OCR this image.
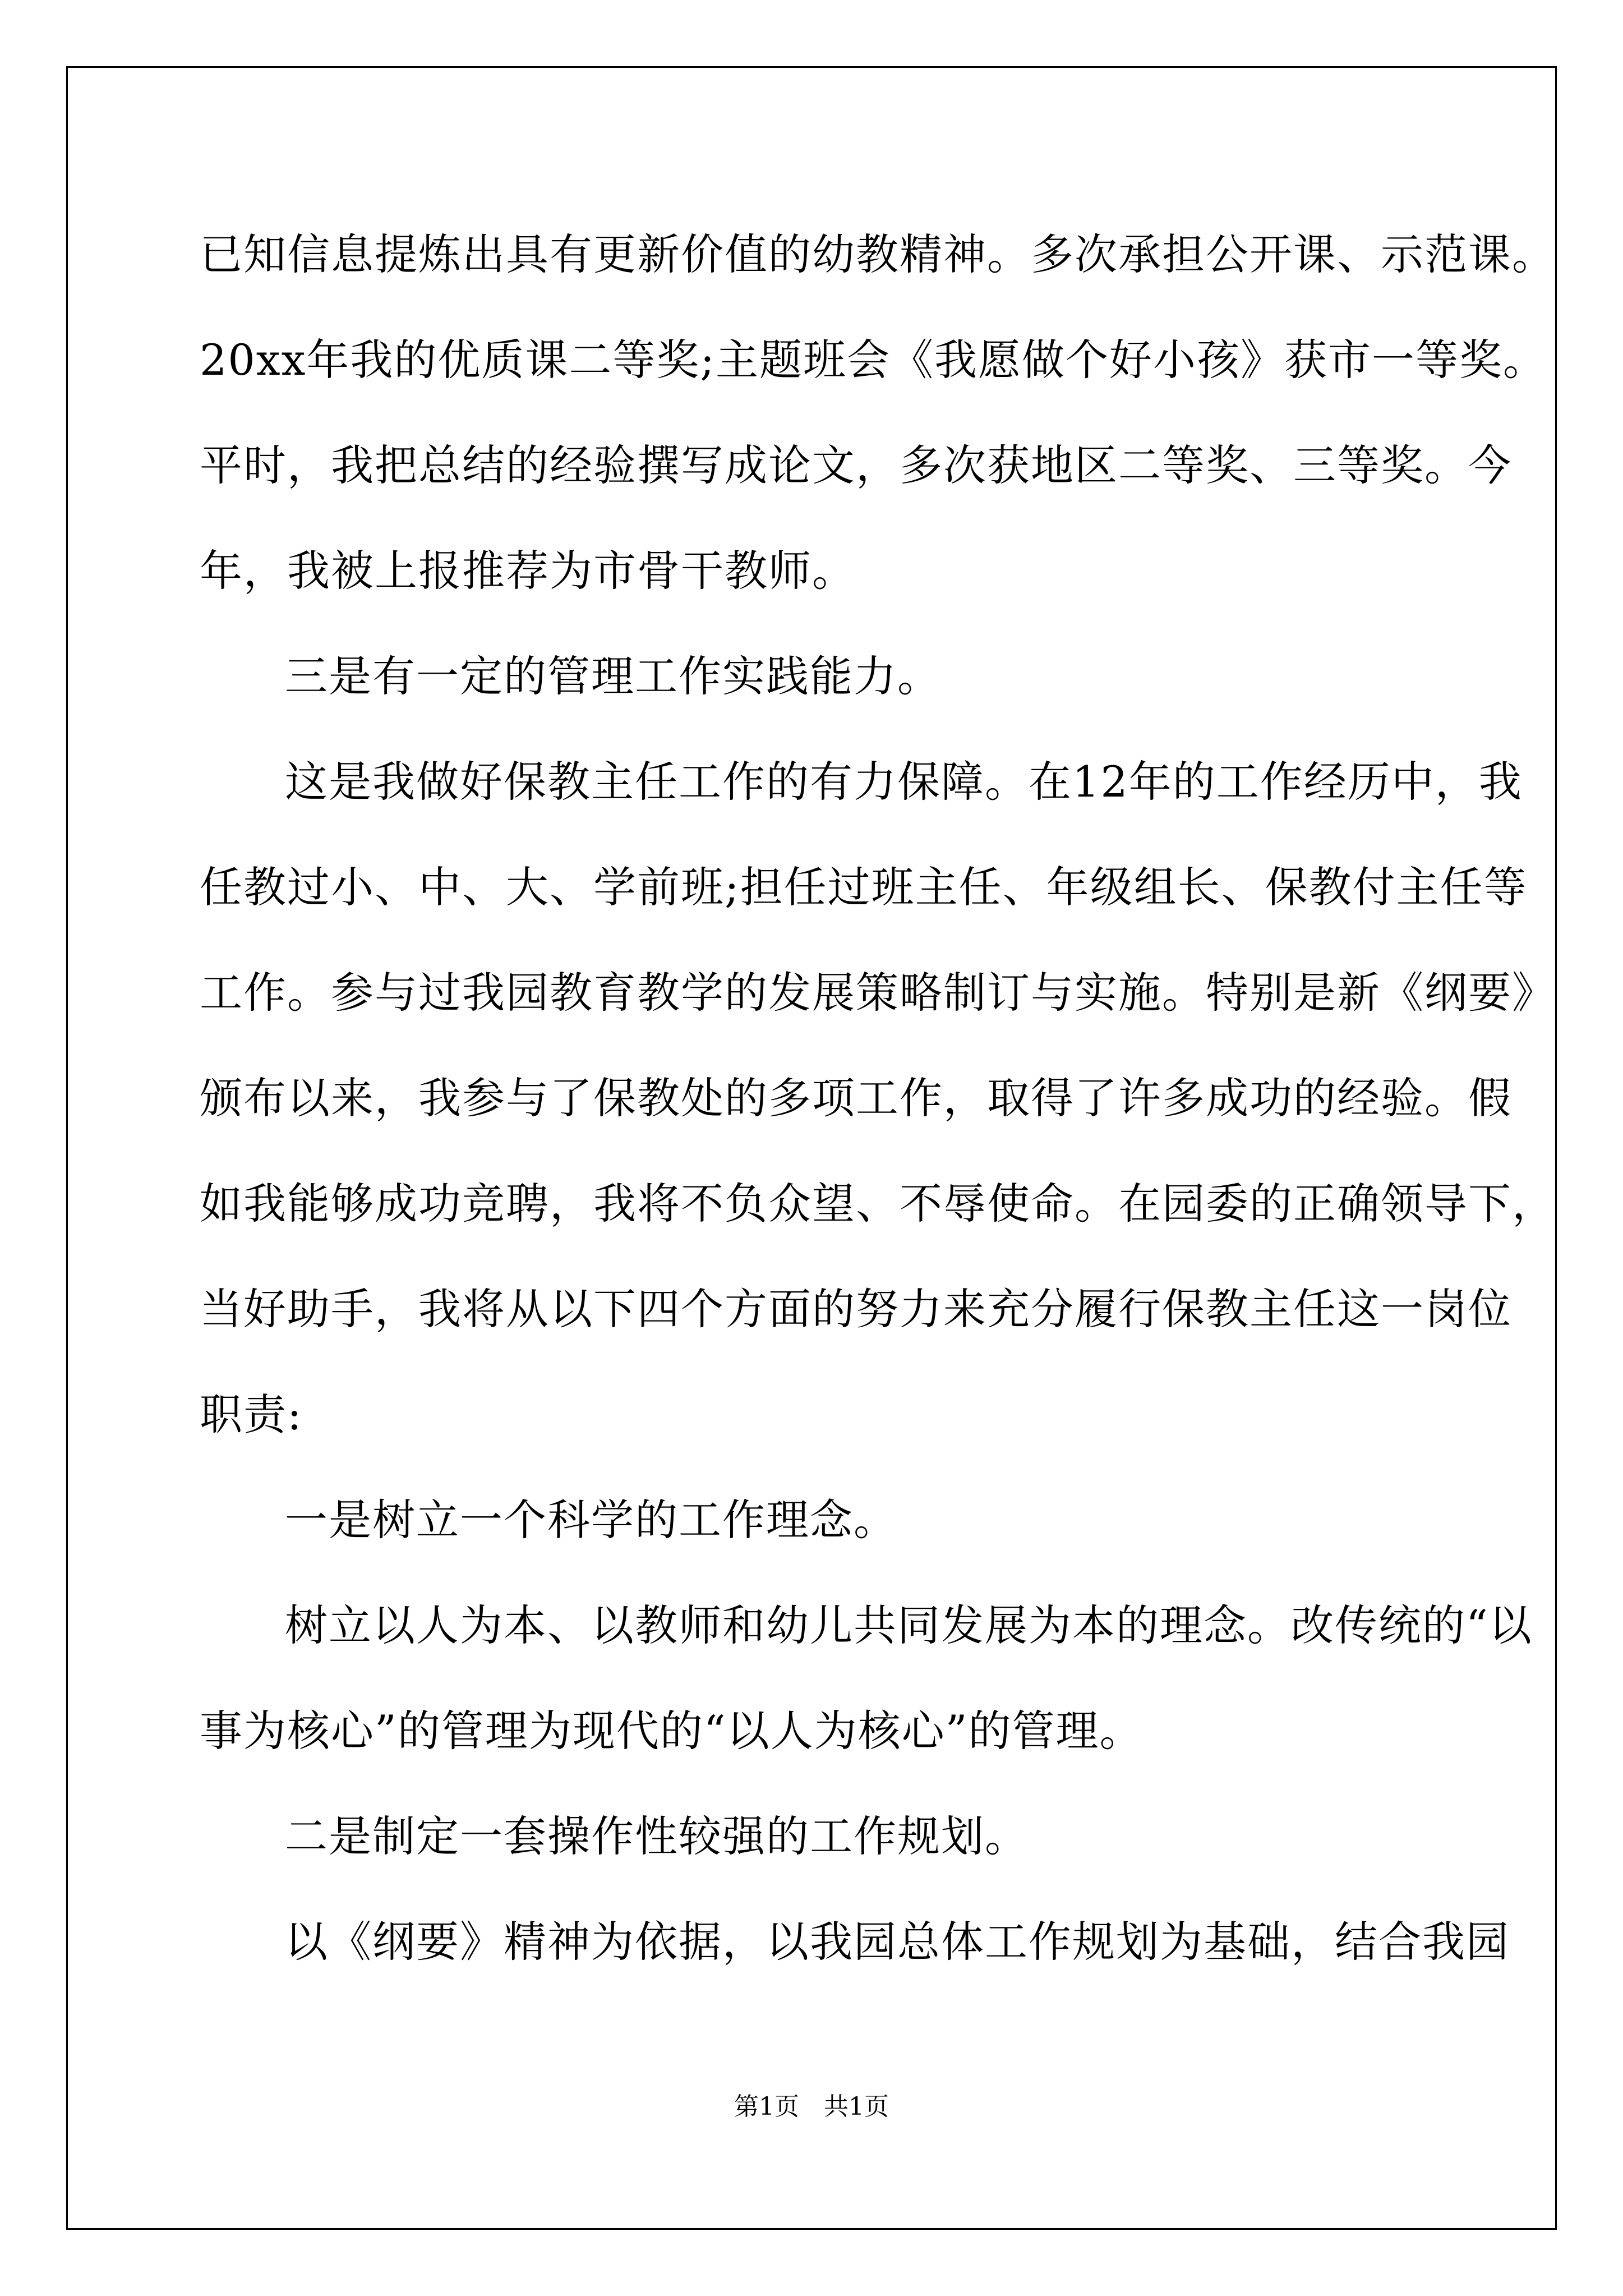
已知信息提炼出具有更新价值的幼教精神。多次承担公开课、示范课。
20xx年我的优质课二等奖;主题班会《我愿做个好小孩》获市一等奖。
平时，我把总结的经验撰写成论文，多次获地区二等奖、三等奖。今
年，我被上报推荐为市骨干教师。
三是有一定的管理工作实践能力。
这是我做好保教主任工作的有力保障。在12年的工作经历中，我
任教过小、中、大、学前班;担任过班主任、年级组长、保教付主任等
工作。参与过我园教育教学的发展策略制订与实施。特别是新《纲要》
颁布以来，我参与了保教处的多项工作，取得了许多成功的经验。假
如我能够成功竞聘，我将不负众望、不辱使命。在园委的正确领导下，
当好助手，我将从以下四个方面的努力来充分履行保教主任这一岗位
职责:
一是树立一个科学的工作理念。
树立以人为本、以教师和幼儿共同发展为本的理念。改传统的“以
事为核心”的管理为现代的“以人为核心”的管理。
二是制定一套操作性较强的工作规划。
以《纲要》精神为依据，以我园总体工作规划为基础，结合我园
第1页　共1页
